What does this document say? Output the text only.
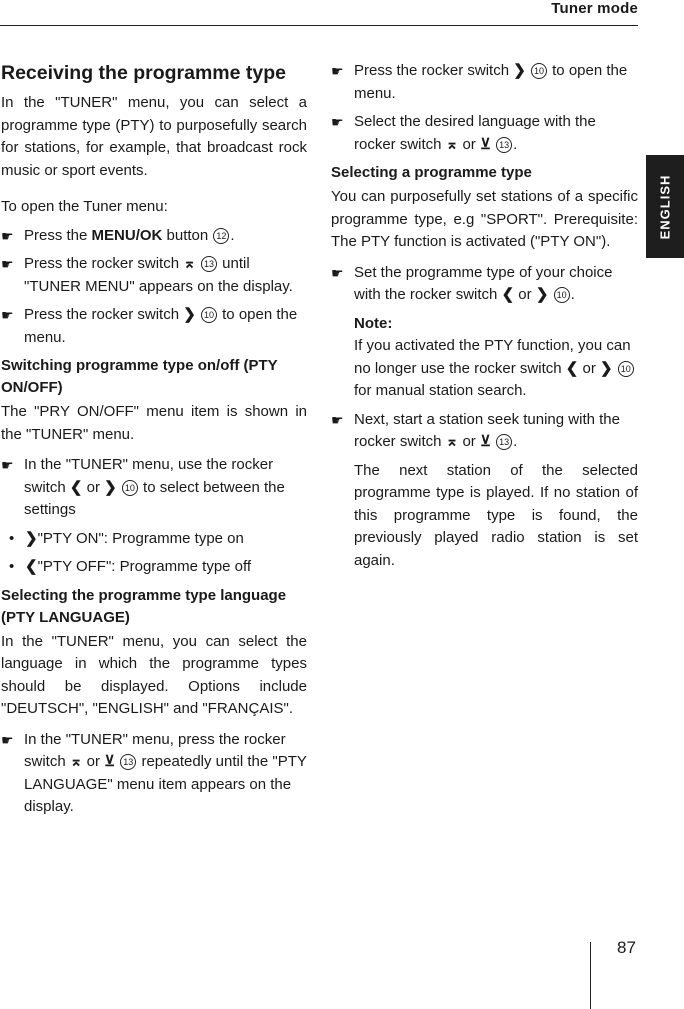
Tuner mode
ENGLISH
Receiving the programme type

In the "TUNER" menu, you can select a programme type (PTY) to purposefully search for stations, for example, that broadcast rock music or sport events.

To open the Tuner menu:

☛ Press the MENU/OK button 12 .
☛ Press the rocker switch ⌅ 13 until "TUNER MENU" appears on the display.
☛ Press the rocker switch ❯ 10 to open the menu.
Switching programme type on/off (PTY ON/OFF)

The "PRY ON/OFF" menu item is shown in the "TUNER" menu.

☛ In the "TUNER" menu, use the rocker switch ❮ or ❯ 10 to select between the settings
• ❯"PTY ON": Programme type on
• ❮"PTY OFF": Programme type off
Selecting the programme type language (PTY LANGUAGE)

In the "TUNER" menu, you can select the language in which the programme types should be displayed. Options include "DEUTSCH", "ENGLISH" and "FRANÇAIS".

☛ In the "TUNER" menu, press the rocker switch ⌅ or ⊻ 13 repeatedly until the "PTY LANGUAGE" menu item appears on the display.
☛ Press the rocker switch ❯ 10 to open the menu.
☛ Select the desired language with the rocker switch ⌅ or ⊻ 13 .
Selecting a programme type

You can purposefully set stations of a specific programme type, e.g "SPORT". Prerequisite: The PTY function is activated ("PTY ON").

☛ Set the programme type of your choice with the rocker switch ❮ or ❯ 10 .
Note:
If you activated the PTY function, you can no longer use the rocker switch ❮ or ❯ 10 for manual station search.
☛ Next, start a station seek tuning with the rocker switch ⌅ or ⊻ 13 .

The next station of the selected programme type is played. If no station of this programme type is found, the previously played radio station is set again.

87
